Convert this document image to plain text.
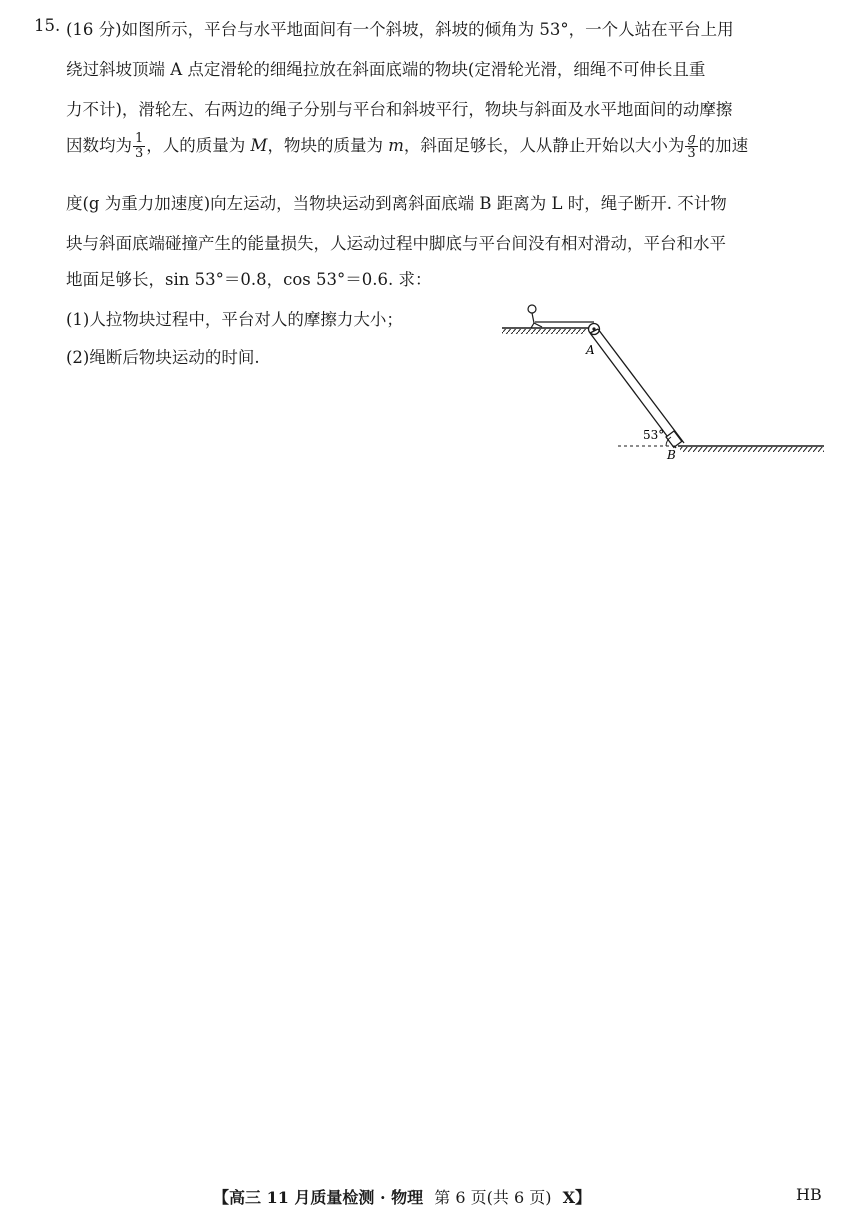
15. (16 分)如图所示，平台与水平地面间有一个斜坡，斜坡的倾角为 53°，一个人站在平台上用
绕过斜坡顶端 A 点定滑轮的细绳拉放在斜面底端的物块(定滑轮光滑，细绳不可伸长且重
力不计)，滑轮左、右两边的绳子分别与平台和斜坡平行，物块与斜面及水平地面间的动摩擦
因数均为 $\frac{1}{3}$ ，人的质量为 M，物块的质量为 m，斜面足够长，人从静止开始以大小为 $\frac{g}{3}$ 的加速
度(g 为重力加速度)向左运动，当物块运动到离斜面底端 B 距离为 L 时，绳子断开. 不计物
块与斜面底端碰撞产生的能量损失，人运动过程中脚底与平台间没有相对滑动，平台和水平
地面足够长，sin 53°＝0.8，cos 53°＝0.6. 求：
(1)人拉物块过程中，平台对人的摩擦力大小；
(2)绳断后物块运动的时间.	A
53°
B
【高三 11 月质量检测 · 物理 第 6 页(共 6 页) X】	HB
